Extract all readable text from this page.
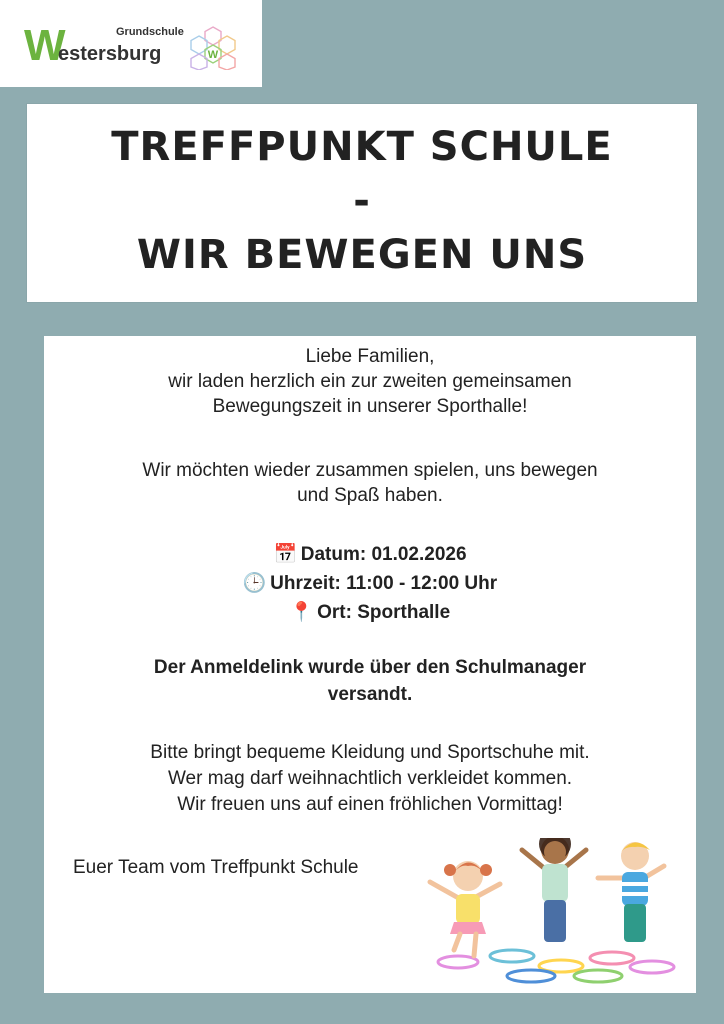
Grundschule
W
estersburg	W
TREFFPUNKT SCHULE
-
WIR BEWEGEN UNS
Liebe Familien,
wir laden herzlich ein zur zweiten gemeinsamen
Bewegungszeit in unserer Sporthalle!
Wir möchten wieder zusammen spielen, uns bewegen
und Spaß haben.
📅 Datum: 01.02.2026
🕒 Uhrzeit: 11:00 - 12:00 Uhr
📍 Ort: Sporthalle
Der Anmeldelink wurde über den Schulmanager
versandt.
Bitte bringt bequeme Kleidung und Sportschuhe mit.
Wer mag darf weihnachtlich verkleidet kommen.
Wir freuen uns auf einen fröhlichen Vormittag!
Euer Team vom Treffpunkt Schule
